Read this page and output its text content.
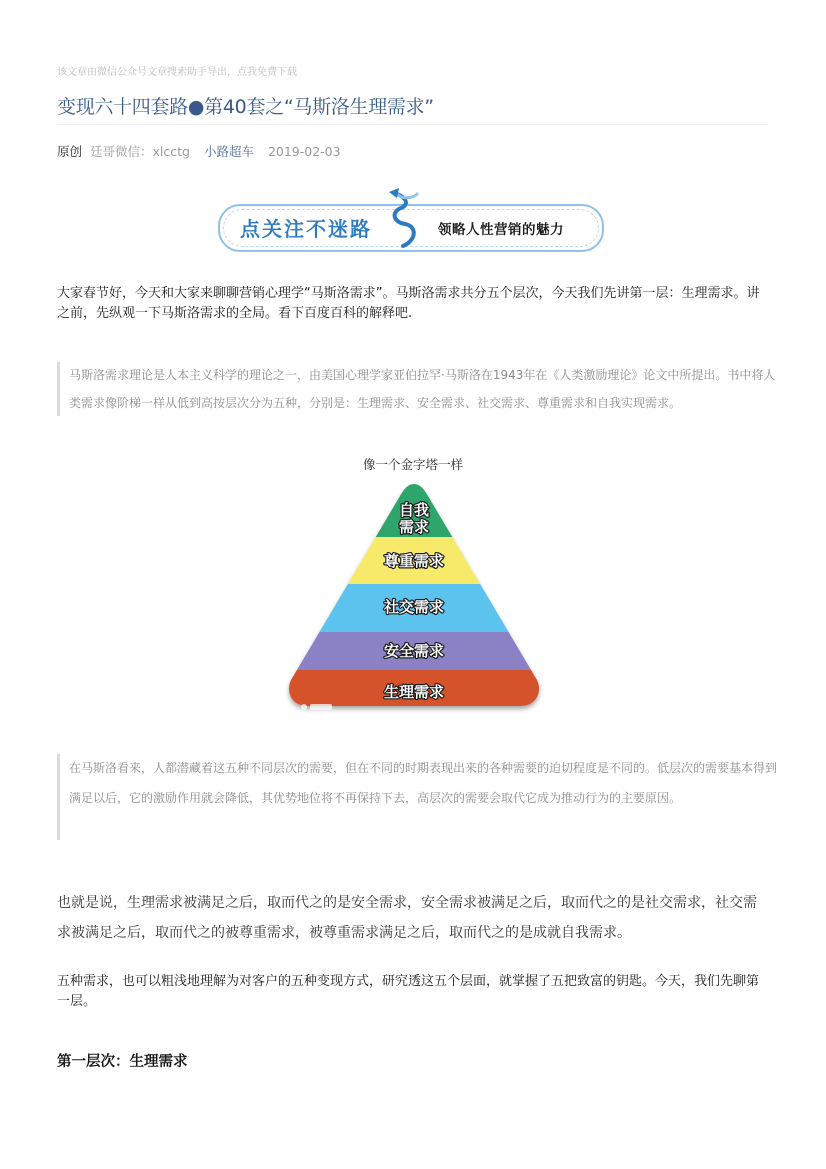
该文章由微信公众号文章搜索助手导出，点我免费下载
变现六十四套路●第40套之“马斯洛生理需求”
原创 廷哥微信：xlcctg 小路超车 2019-02-03
点关注不迷路	领略人性营销的魅力
大家春节好，今天和大家来聊聊营销心理学“马斯洛需求”。马斯洛需求共分五个层次，今天我们先讲第一层：生理需求。讲之前，先纵观一下马斯洛需求的全局。看下百度百科的解释吧.

马斯洛需求理论是人本主义科学的理论之一，由美国心理学家亚伯拉罕·马斯洛在1943年在《人类激励理论》论文中所提出。书中将人类需求像阶梯一样从低到高按层次分为五种，分别是：生理需求、安全需求、社交需求、尊重需求和自我实现需求。

像一个金字塔一样
自我
需求
尊重需求
社交需求
安全需求
生理需求

在马斯洛看来，人都潜藏着这五种不同层次的需要，但在不同的时期表现出来的各种需要的迫切程度是不同的。低层次的需要基本得到满足以后，它的激励作用就会降低，其优势地位将不再保持下去，高层次的需要会取代它成为推动行为的主要原因。

也就是说，生理需求被满足之后，取而代之的是安全需求，安全需求被满足之后，取而代之的是社交需求，社交需求被满足之后，取而代之的被尊重需求，被尊重需求满足之后，取而代之的是成就自我需求。
五种需求，也可以粗浅地理解为对客户的五种变现方式，研究透这五个层面，就掌握了五把致富的钥匙。今天，我们先聊第一层。
第一层次：生理需求
